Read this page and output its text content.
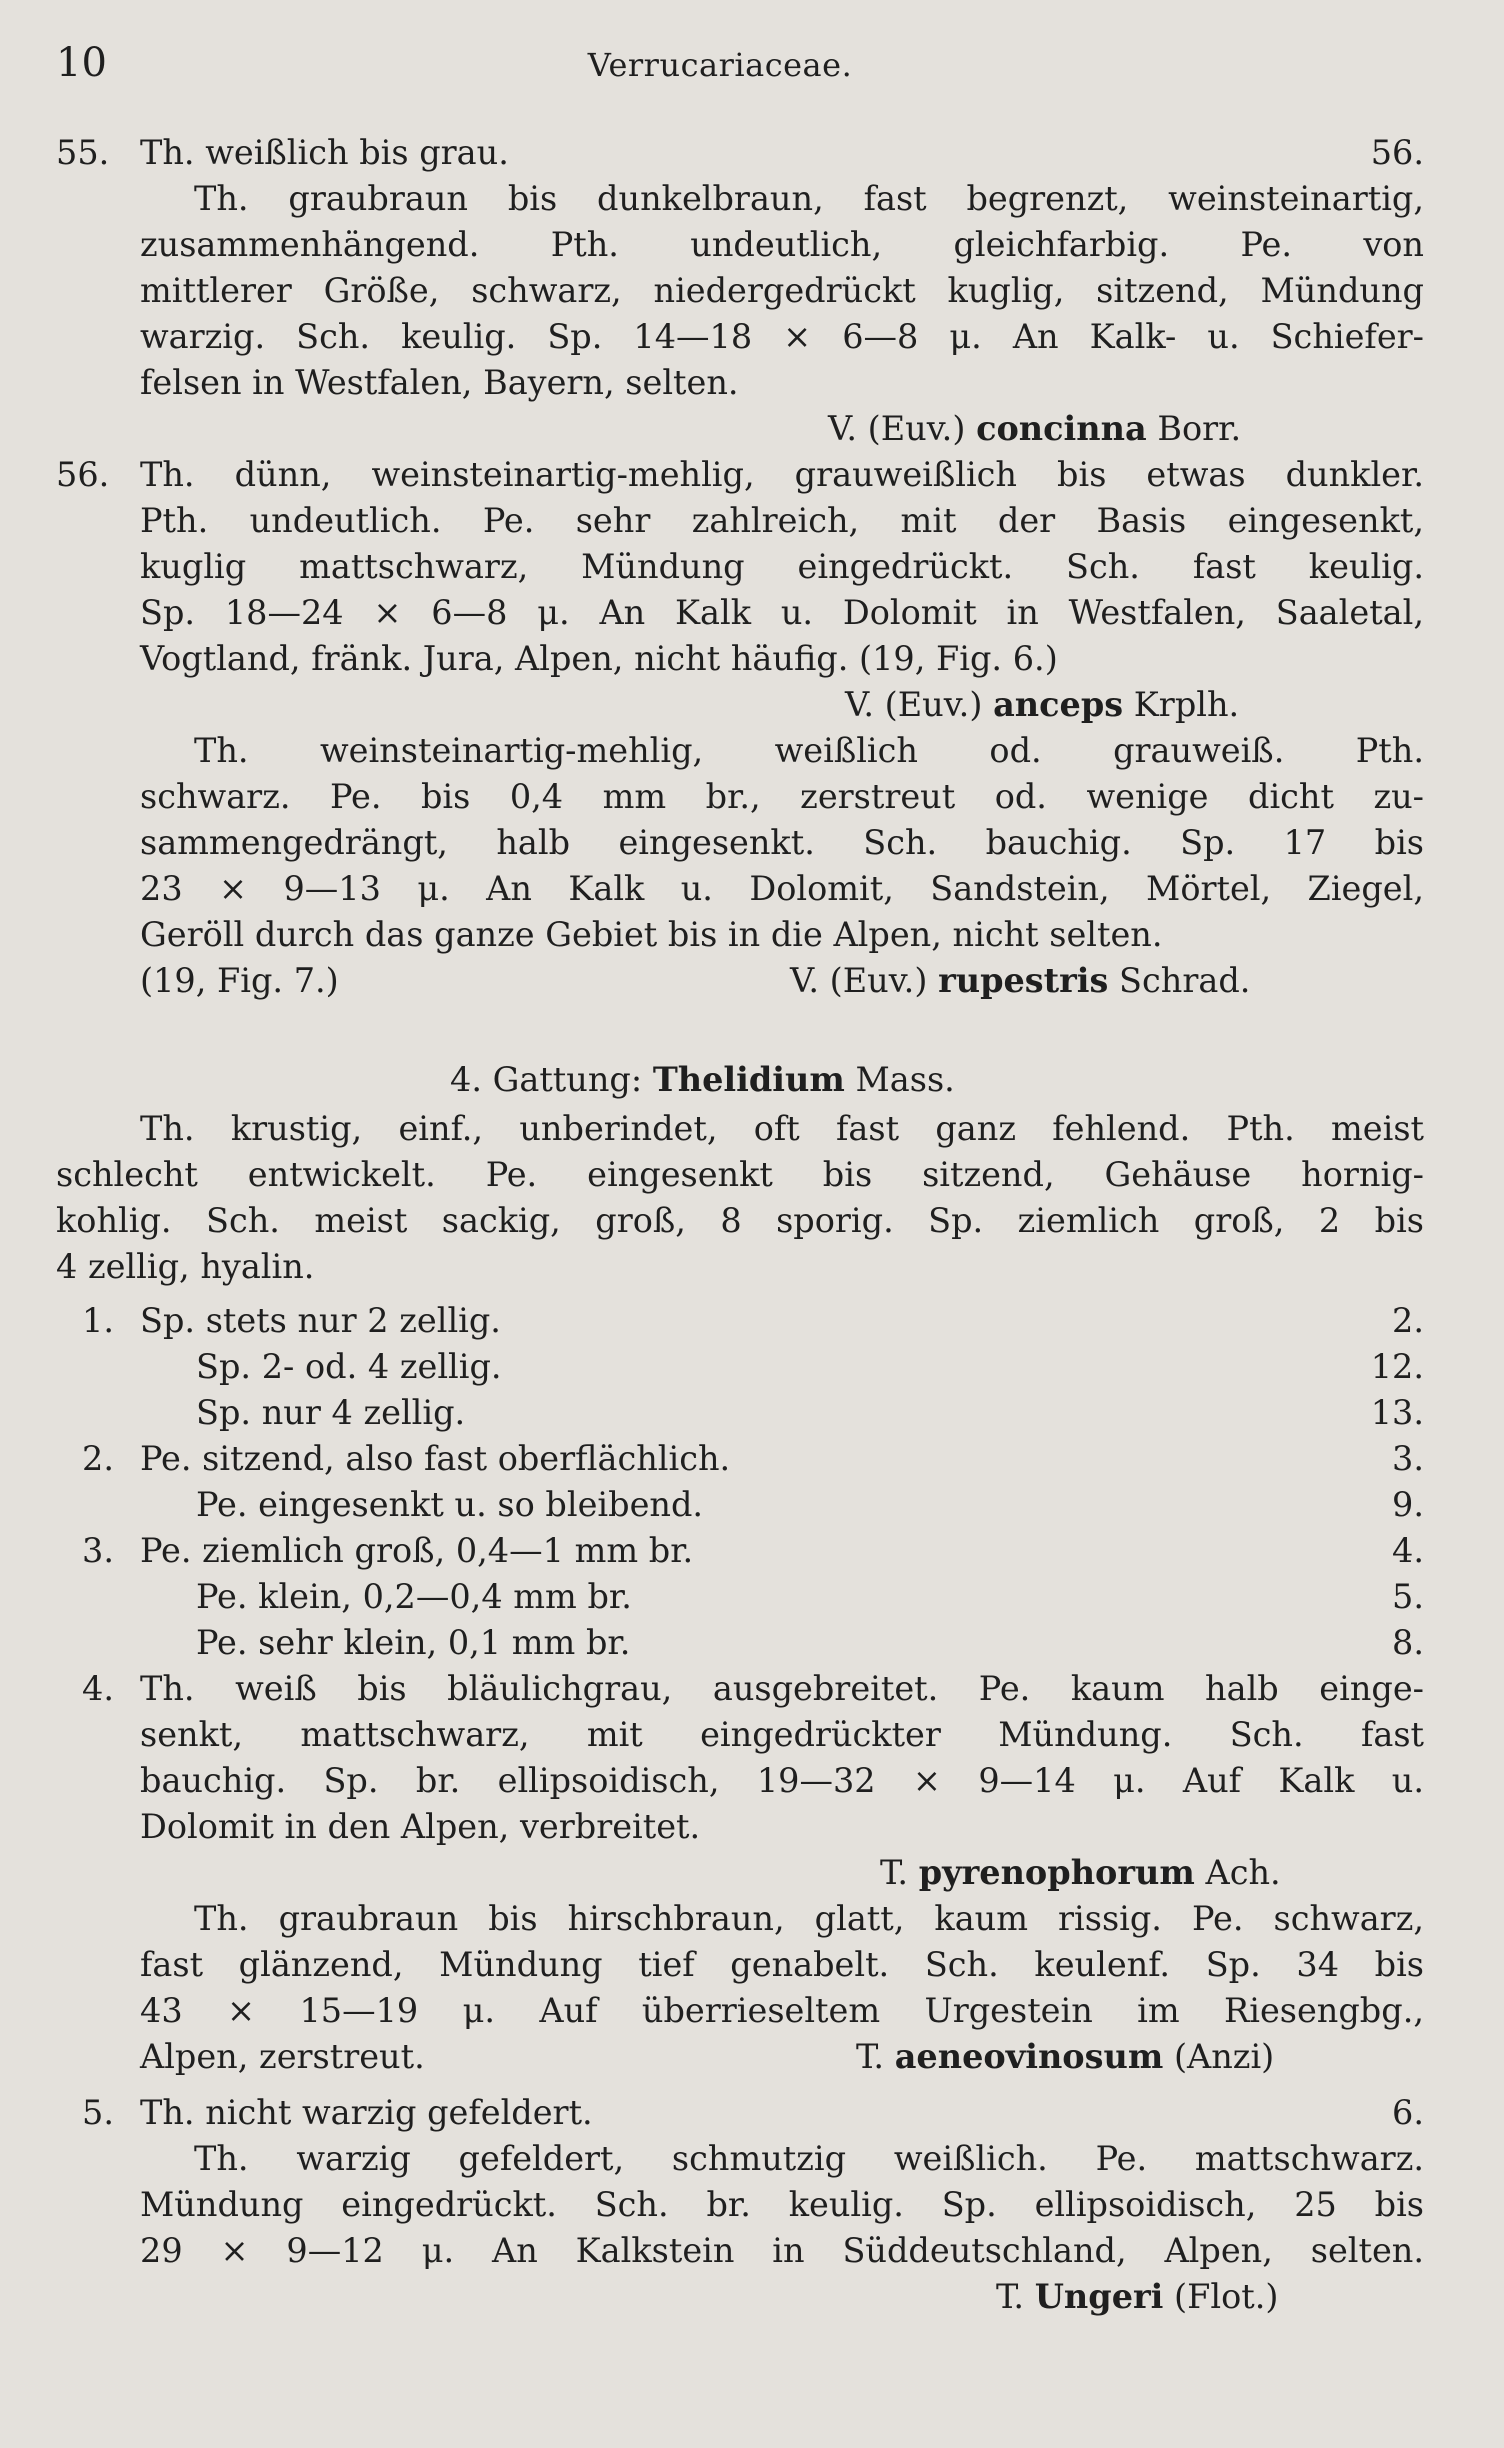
10	Verrucariaceae.
55. Th. weißlich bis grau.	56.
Th. graubraun bis dunkelbraun, fast begrenzt, weinsteinartig,
zusammenhängend. Pth. undeutlich, gleichfarbig. Pe. von
mittlerer Größe, schwarz, niedergedrückt kuglig, sitzend, Mündung
warzig. Sch. keulig. Sp. 14—18 × 6—8 μ. An Kalk- u. Schiefer-
felsen in Westfalen, Bayern, selten.
V. (Euv.) concinna Borr.
56. Th. dünn, weinsteinartig-mehlig, grauweißlich bis etwas dunkler.
Pth. undeutlich. Pe. sehr zahlreich, mit der Basis eingesenkt,
kuglig mattschwarz, Mündung eingedrückt. Sch. fast keulig.
Sp. 18—24 × 6—8 μ. An Kalk u. Dolomit in Westfalen, Saaletal,
Vogtland, fränk. Jura, Alpen, nicht häufig. (19, Fig. 6.)
V. (Euv.) anceps Krplh.
Th. weinsteinartig-mehlig, weißlich od. grauweiß. Pth.
schwarz. Pe. bis 0,4 mm br., zerstreut od. wenige dicht zu-
sammengedrängt, halb eingesenkt. Sch. bauchig. Sp. 17 bis
23 × 9—13 μ. An Kalk u. Dolomit, Sandstein, Mörtel, Ziegel,
Geröll durch das ganze Gebiet bis in die Alpen, nicht selten.
(19, Fig. 7.)	V. (Euv.) rupestris Schrad.
4. Gattung: Thelidium Mass.
Th. krustig, einf., unberindet, oft fast ganz fehlend. Pth. meist
schlecht entwickelt. Pe. eingesenkt bis sitzend, Gehäuse hornig-
kohlig. Sch. meist sackig, groß, 8 sporig. Sp. ziemlich groß, 2 bis
4 zellig, hyalin.
1. Sp. stets nur 2 zellig.	2.
Sp. 2- od. 4 zellig.	12.
Sp. nur 4 zellig.	13.
2. Pe. sitzend, also fast oberflächlich.	3.
Pe. eingesenkt u. so bleibend.	9.
3. Pe. ziemlich groß, 0,4—1 mm br.	4.
Pe. klein, 0,2—0,4 mm br.	5.
Pe. sehr klein, 0,1 mm br.	8.
4. Th. weiß bis bläulichgrau, ausgebreitet. Pe. kaum halb einge-
senkt, mattschwarz, mit eingedrückter Mündung. Sch. fast
bauchig. Sp. br. ellipsoidisch, 19—32 × 9—14 μ. Auf Kalk u.
Dolomit in den Alpen, verbreitet.
T. pyrenophorum Ach.
Th. graubraun bis hirschbraun, glatt, kaum rissig. Pe. schwarz,
fast glänzend, Mündung tief genabelt. Sch. keulenf. Sp. 34 bis
43 × 15—19 μ. Auf überrieseltem Urgestein im Riesengbg.,
Alpen, zerstreut.	T. aeneovinosum (Anzi)
5. Th. nicht warzig gefeldert.	6.
Th. warzig gefeldert, schmutzig weißlich. Pe. mattschwarz.
Mündung eingedrückt. Sch. br. keulig. Sp. ellipsoidisch, 25 bis
29 × 9—12 μ. An Kalkstein in Süddeutschland, Alpen, selten.
T. Ungeri (Flot.)
